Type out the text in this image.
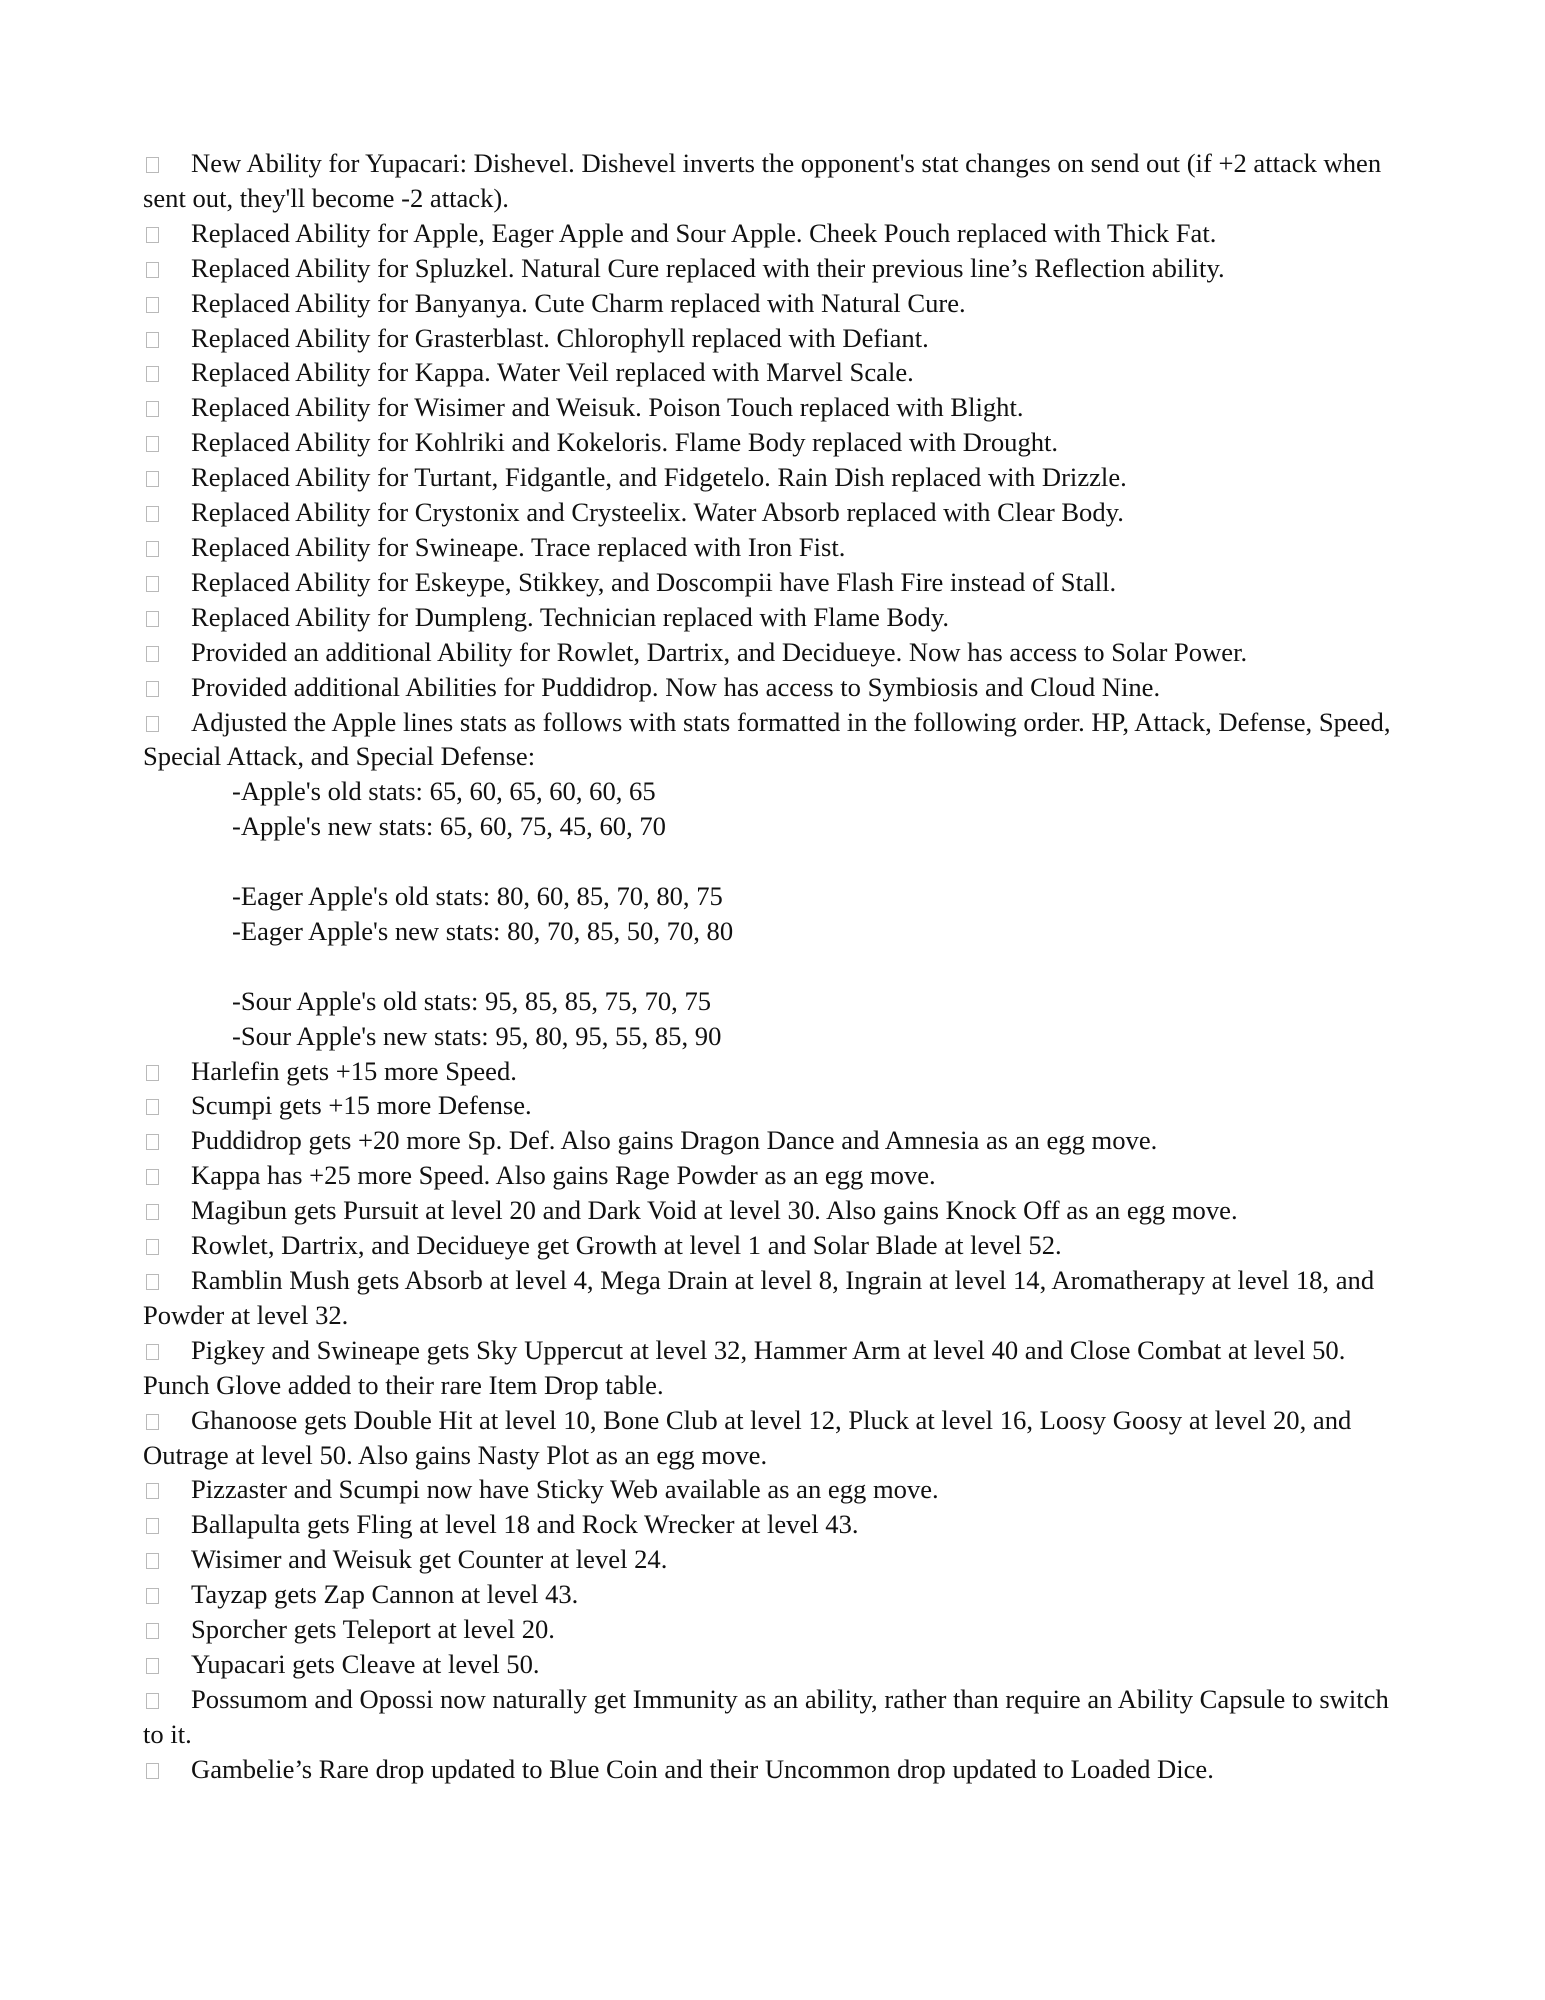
New Ability for Yupacari: Dishevel. Dishevel inverts the opponent's stat changes on send out (if +2 attack when sent out, they'll become -2 attack).

Replaced Ability for Apple, Eager Apple and Sour Apple. Cheek Pouch replaced with Thick Fat.

Replaced Ability for Spluzkel. Natural Cure replaced with their previous line’s Reflection ability.

Replaced Ability for Banyanya. Cute Charm replaced with Natural Cure.

Replaced Ability for Grasterblast. Chlorophyll replaced with Defiant.

Replaced Ability for Kappa. Water Veil replaced with Marvel Scale.

Replaced Ability for Wisimer and Weisuk. Poison Touch replaced with Blight.

Replaced Ability for Kohlriki and Kokeloris. Flame Body replaced with Drought.

Replaced Ability for Turtant, Fidgantle, and Fidgetelo. Rain Dish replaced with Drizzle.

Replaced Ability for Crystonix and Crysteelix. Water Absorb replaced with Clear Body.

Replaced Ability for Swineape. Trace replaced with Iron Fist.

Replaced Ability for Eskeype, Stikkey, and Doscompii have Flash Fire instead of Stall.

Replaced Ability for Dumpleng. Technician replaced with Flame Body.

Provided an additional Ability for Rowlet, Dartrix, and Decidueye. Now has access to Solar Power.

Provided additional Abilities for Puddidrop. Now has access to Symbiosis and Cloud Nine.

Adjusted the Apple lines stats as follows with stats formatted in the following order. HP, Attack, Defense, Speed, Special Attack, and Special Defense:

-Apple's old stats: 65, 60, 65, 60, 60, 65
-Apple's new stats: 65, 60, 75, 45, 60, 70
-Eager Apple's old stats: 80, 60, 85, 70, 80, 75
-Eager Apple's new stats: 80, 70, 85, 50, 70, 80
-Sour Apple's old stats: 95, 85, 85, 75, 70, 75
-Sour Apple's new stats: 95, 80, 95, 55, 85, 90

Harlefin gets +15 more Speed.

Scumpi gets +15 more Defense.

Puddidrop gets +20 more Sp. Def. Also gains Dragon Dance and Amnesia as an egg move.

Kappa has +25 more Speed. Also gains Rage Powder as an egg move.

Magibun gets Pursuit at level 20 and Dark Void at level 30. Also gains Knock Off as an egg move.

Rowlet, Dartrix, and Decidueye get Growth at level 1 and Solar Blade at level 52.

Ramblin Mush gets Absorb at level 4, Mega Drain at level 8, Ingrain at level 14, Aromatherapy at level 18, and Powder at level 32.

Pigkey and Swineape gets Sky Uppercut at level 32, Hammer Arm at level 40 and Close Combat at level 50. Punch Glove added to their rare Item Drop table.

Ghanoose gets Double Hit at level 10, Bone Club at level 12, Pluck at level 16, Loosy Goosy at level 20, and Outrage at level 50. Also gains Nasty Plot as an egg move.

Pizzaster and Scumpi now have Sticky Web available as an egg move.

Ballapulta gets Fling at level 18 and Rock Wrecker at level 43.

Wisimer and Weisuk get Counter at level 24.

Tayzap gets Zap Cannon at level 43.

Sporcher gets Teleport at level 20.

Yupacari gets Cleave at level 50.

Possumom and Opossi now naturally get Immunity as an ability, rather than require an Ability Capsule to switch to it.

Gambelie’s Rare drop updated to Blue Coin and their Uncommon drop updated to Loaded Dice.
